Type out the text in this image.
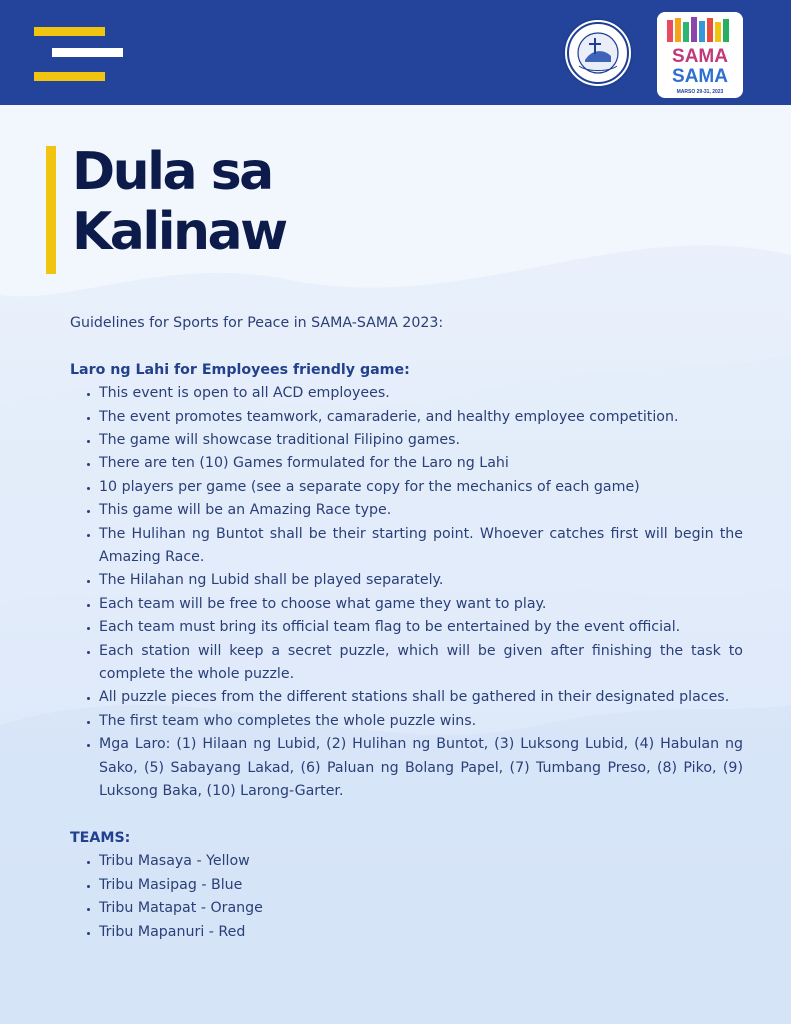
SAMA
SAMA
MARSO 29-31, 2023
Dula sa
Kalinaw

Guidelines for Sports for Peace in SAMA-SAMA 2023:

Laro ng Lahi for Employees friendly game:

• This event is open to all ACD employees.
• The event promotes teamwork, camaraderie, and healthy employee competition.
• The game will showcase traditional Filipino games.
• There are ten (10) Games formulated for the Laro ng Lahi
• 10 players per game (see a separate copy for the mechanics of each game)
• This game will be an Amazing Race type.
• The Hulihan ng Buntot shall be their starting point. Whoever catches first will begin the Amazing Race.
• The Hilahan ng Lubid shall be played separately.
• Each team will be free to choose what game they want to play.
• Each team must bring its official team flag to be entertained by the event official.
• Each station will keep a secret puzzle, which will be given after finishing the task to complete the whole puzzle.
• All puzzle pieces from the different stations shall be gathered in their designated places.
• The first team who completes the whole puzzle wins.
• Mga Laro: (1) Hilaan ng Lubid, (2) Hulihan ng Buntot, (3) Luksong Lubid, (4) Habulan ng Sako, (5) Sabayang Lakad, (6) Paluan ng Bolang Papel, (7) Tumbang Preso, (8) Piko, (9) Luksong Baka, (10) Larong-Garter.

TEAMS:

• Tribu Masaya - Yellow
• Tribu Masipag - Blue
• Tribu Matapat - Orange
• Tribu Mapanuri - Red
